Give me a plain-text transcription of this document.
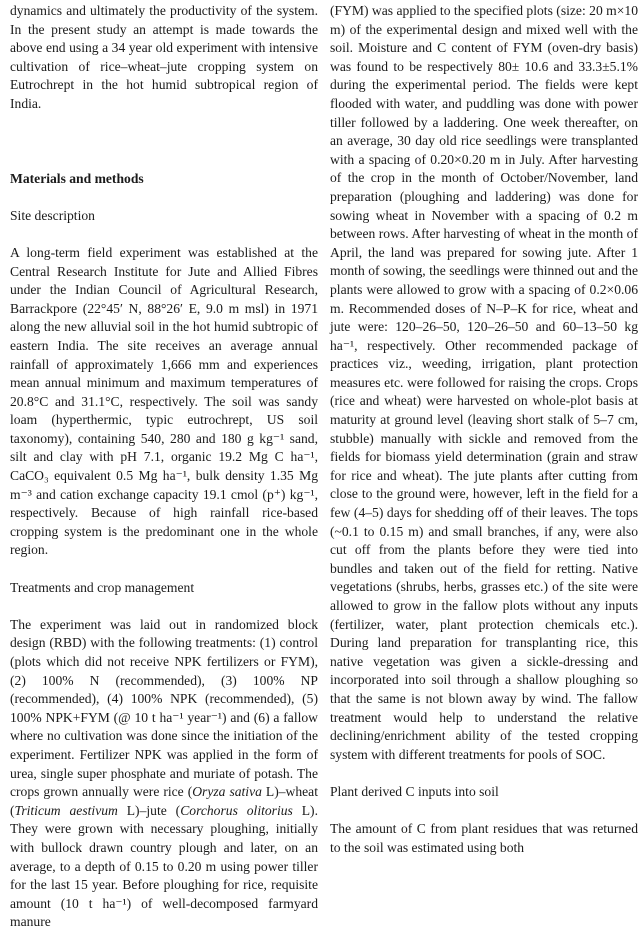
dynamics and ultimately the productivity of the system. In the present study an attempt is made towards the above end using a 34 year old experiment with intensive cultivation of rice–wheat–jute cropping system on Eutrochrept in the hot humid subtropical region of India.

Materials and methods

Site description

A long-term field experiment was established at the Central Research Institute for Jute and Allied Fibres under the Indian Council of Agricultural Research, Barrackpore (22°45′ N, 88°26′ E, 9.0 m msl) in 1971 along the new alluvial soil in the hot humid subtropic of eastern India. The site receives an average annual rainfall of approximately 1,666 mm and experiences mean annual minimum and maximum temperatures of 20.8°C and 31.1°C, respectively. The soil was sandy loam (hyperthermic, typic eutrochrept, US soil taxonomy), containing 540, 280 and 180 g kg⁻¹ sand, silt and clay with pH 7.1, organic 19.2 Mg C ha⁻¹, CaCO₃ equivalent 0.5 Mg ha⁻¹, bulk density 1.35 Mg m⁻³ and cation exchange capacity 19.1 cmol (p⁺) kg⁻¹, respectively. Because of high rainfall rice-based cropping system is the predominant one in the whole region.

Treatments and crop management

The experiment was laid out in randomized block design (RBD) with the following treatments: (1) control (plots which did not receive NPK fertilizers or FYM), (2) 100% N (recommended), (3) 100% NP (recommended), (4) 100% NPK (recommended), (5) 100% NPK+FYM (@ 10 t ha⁻¹ year⁻¹) and (6) a fallow where no cultivation was done since the initiation of the experiment. Fertilizer NPK was applied in the form of urea, single super phosphate and muriate of potash. The crops grown annually were rice (Oryza sativa L)–wheat (Triticum aestivum L)–jute (Corchorus olitorius L). They were grown with necessary ploughing, initially with bullock drawn country plough and later, on an average, to a depth of 0.15 to 0.20 m using power tiller for the last 15 year. Before ploughing for rice, requisite amount (10 t ha⁻¹) of well-decomposed farmyard manure

(FYM) was applied to the specified plots (size: 20 m×10 m) of the experimental design and mixed well with the soil. Moisture and C content of FYM (oven-dry basis) was found to be respectively 80± 10.6 and 33.3±5.1% during the experimental period. The fields were kept flooded with water, and puddling was done with power tiller followed by a laddering. One week thereafter, on an average, 30 day old rice seedlings were transplanted with a spacing of 0.20×0.20 m in July. After harvesting of the crop in the month of October/November, land preparation (ploughing and laddering) was done for sowing wheat in November with a spacing of 0.2 m between rows. After harvesting of wheat in the month of April, the land was prepared for sowing jute. After 1 month of sowing, the seedlings were thinned out and the plants were allowed to grow with a spacing of 0.2×0.06 m. Recommended doses of N–P–K for rice, wheat and jute were: 120–26–50, 120–26–50 and 60–13–50 kg ha⁻¹, respectively. Other recommended package of practices viz., weeding, irrigation, plant protection measures etc. were followed for raising the crops. Crops (rice and wheat) were harvested on whole-plot basis at maturity at ground level (leaving short stalk of 5–7 cm, stubble) manually with sickle and removed from the fields for biomass yield determination (grain and straw for rice and wheat). The jute plants after cutting from close to the ground were, however, left in the field for a few (4–5) days for shedding off of their leaves. The tops (~0.1 to 0.15 m) and small branches, if any, were also cut off from the plants before they were tied into bundles and taken out of the field for retting. Native vegetations (shrubs, herbs, grasses etc.) of the site were allowed to grow in the fallow plots without any inputs (fertilizer, water, plant protection chemicals etc.). During land preparation for transplanting rice, this native vegetation was given a sickle-dressing and incorporated into soil through a shallow ploughing so that the same is not blown away by wind. The fallow treatment would help to understand the relative declining/enrichment ability of the tested cropping system with different treatments for pools of SOC.

Plant derived C inputs into soil

The amount of C from plant residues that was returned to the soil was estimated using both
